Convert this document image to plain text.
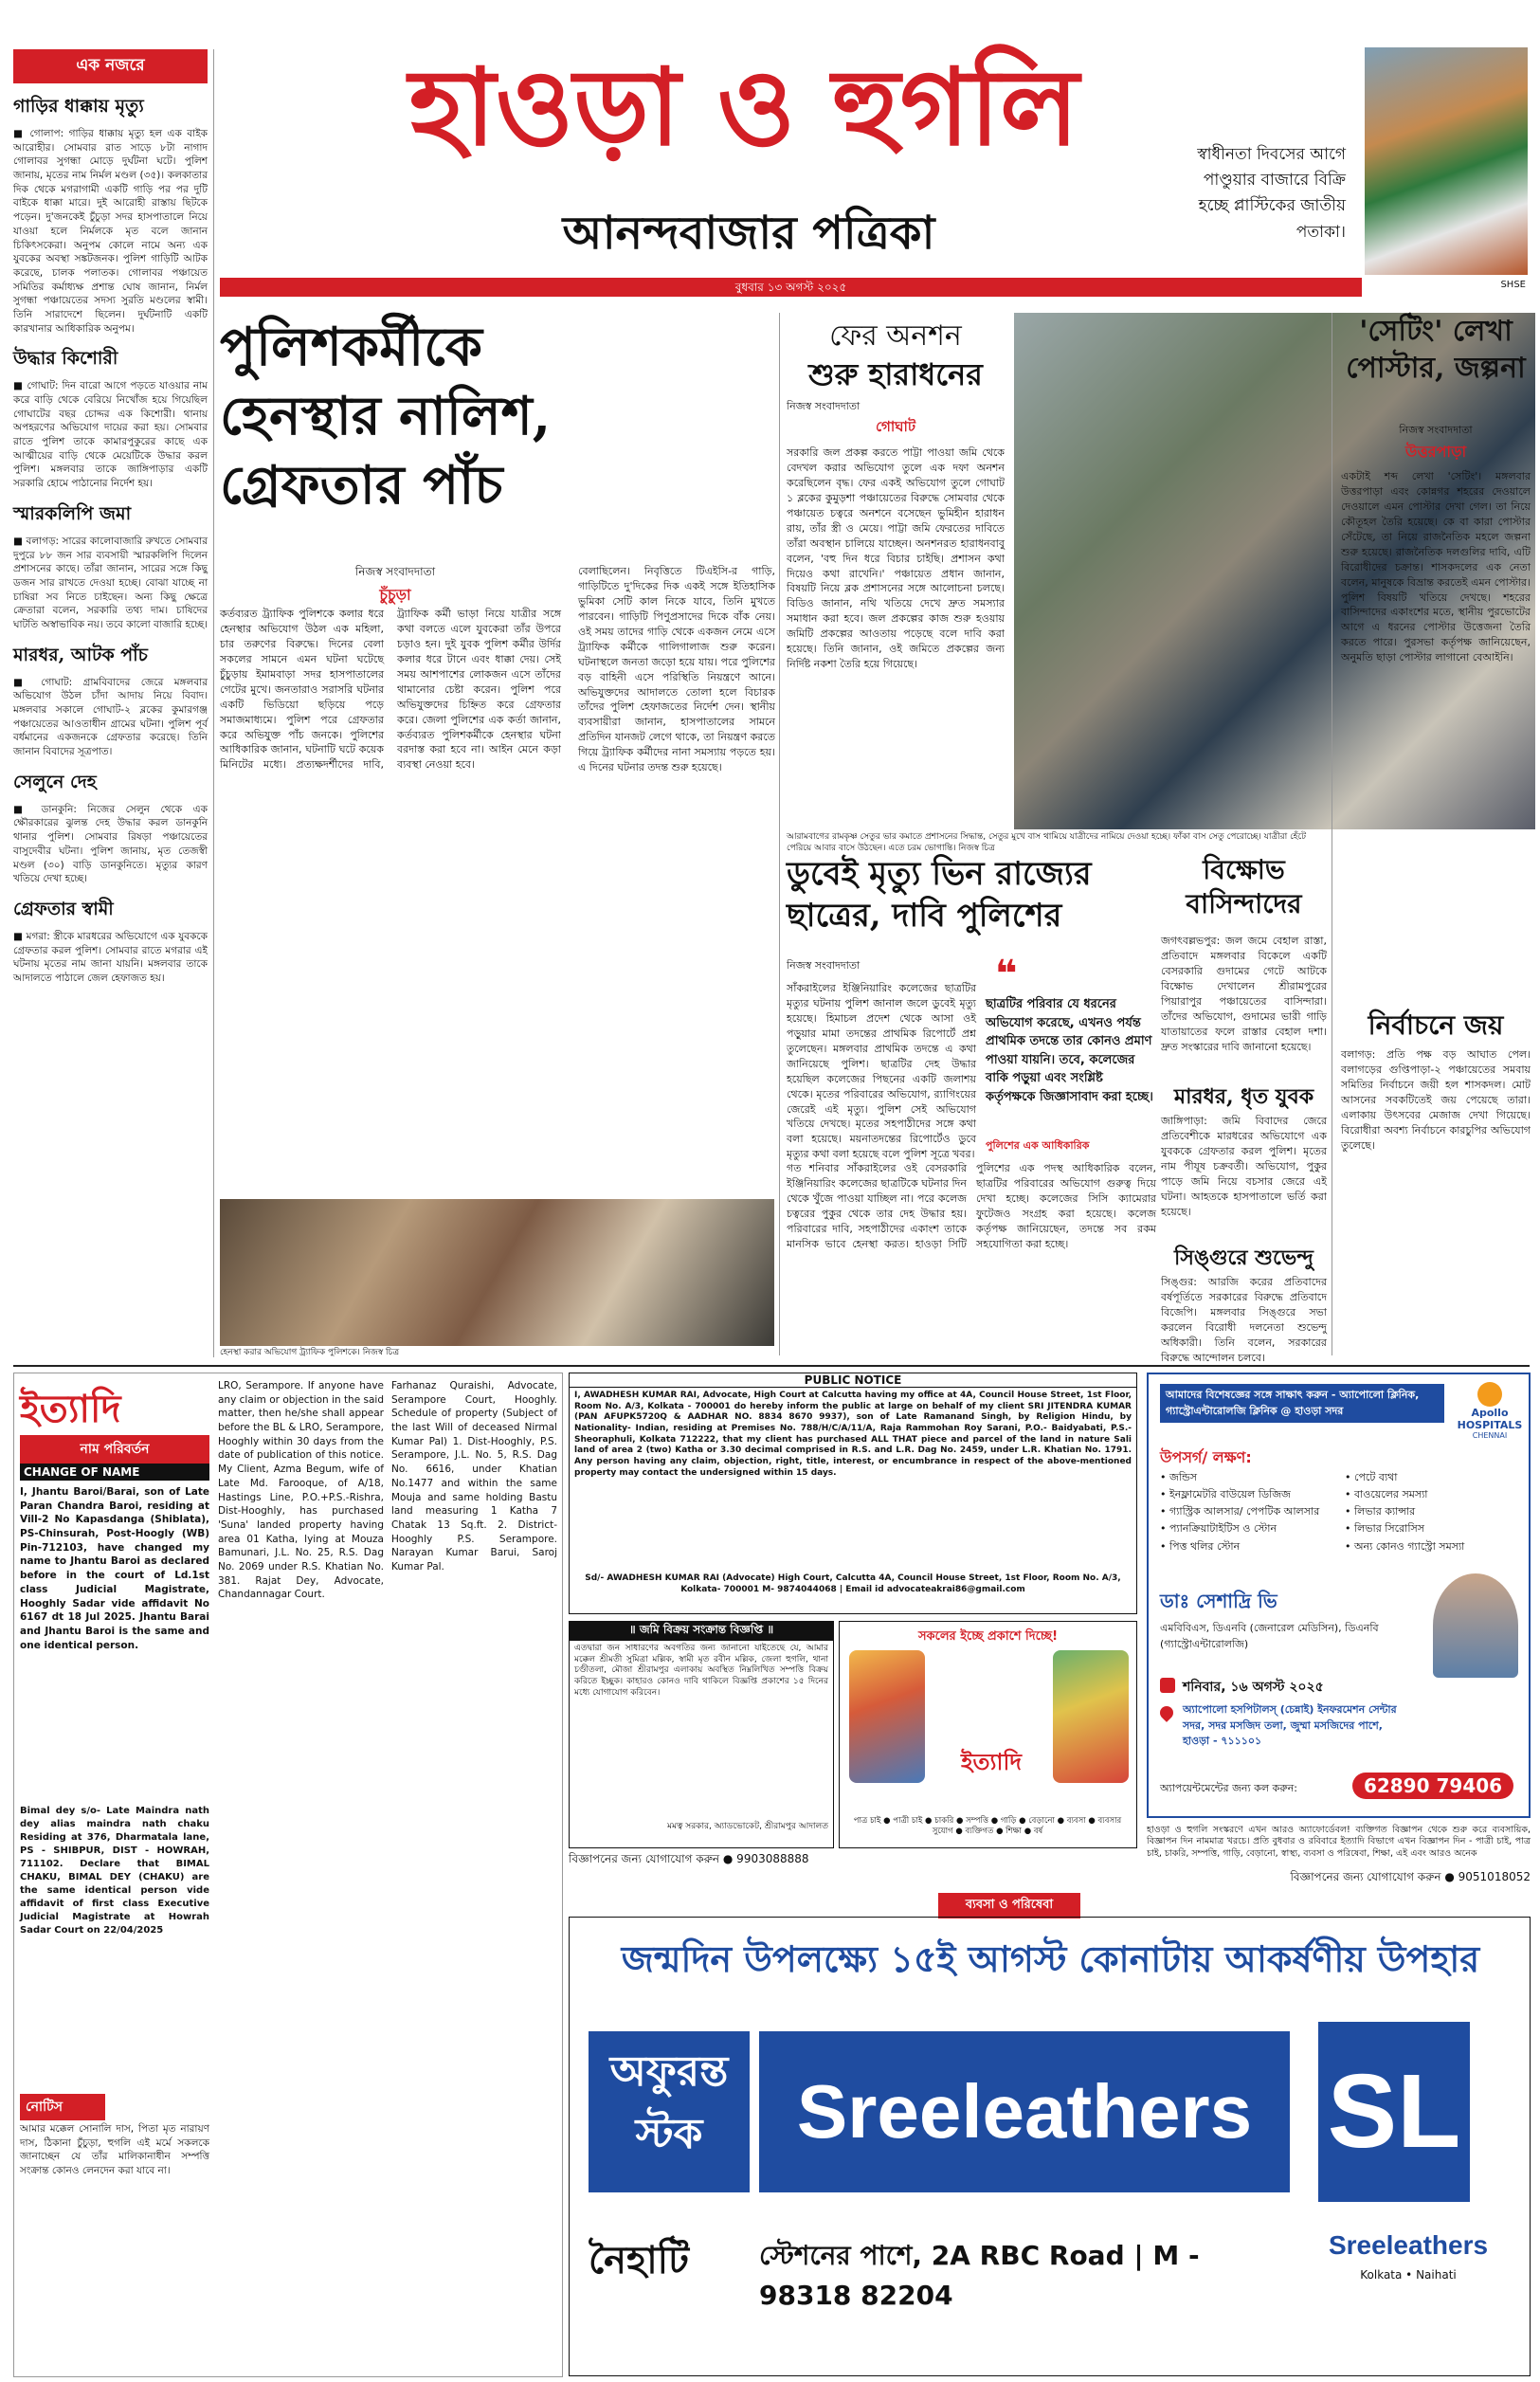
এক নজরে
গাড়ির ধাক্কায় মৃত্যু
■ গোলাপ: গাড়ির ধাক্কায় মৃত্যু হল এক বাইক আরোহীর। সোমবার রাত সাড়ে ৮টা নাগাদ গোলাবর সুগন্ধা মোড়ে দুর্ঘটনা ঘটে। পুলিশ জানায়, মৃতের নাম নির্মল মণ্ডল (৩৫)। কলকাতার দিক থেকে মগরাগামী একটি গাড়ি পর পর দুটি বাইকে ধাক্কা মারে। দুই আরোহী রাস্তায় ছিটকে পড়েন। দু'জনকেই চুঁচুড়া সদর হাসপাতালে নিয়ে যাওয়া হলে নির্মলকে মৃত বলে জানান চিকিৎসকেরা। অনুপম কোলে নামে অন্য এক যুবকের অবস্থা সঙ্কটজনক। পুলিশ গাড়িটি আটক করেছে, চালক পলাতক। গোলাবর পঞ্চায়েত সমিতির কর্মাধ্যক্ষ প্রশান্ত ঘোষ জানান, নির্মল সুগন্ধা পঞ্চায়েতের সদস্য সুরতি মণ্ডলের স্বামী। তিনি সারাদেশে ছিলেন। দুর্ঘটনাটি একটি কারখানার আধিকারিক অনুপম।
উদ্ধার কিশোরী
■ গোঘাট: দিন বারো আগে পড়তে যাওয়ার নাম করে বাড়ি থেকে বেরিয়ে নিখোঁজ হয়ে গিয়েছিল গোঘাটের বছর চোদ্দর এক কিশোরী। থানায় অপহরণের অভিযোগ দায়ের করা হয়। সোমবার রাতে পুলিশ তাকে কামারপুকুরের কাছে এক আত্মীয়ের বাড়ি থেকে মেয়েটিকে উদ্ধার করল পুলিশ। মঙ্গলবার তাকে জাঙ্গিপাড়ার একটি সরকারি হোমে পাঠানোর নির্দেশ হয়।
স্মারকলিপি জমা
■ বলাগড়: সারের কালোবাজারি রুখতে সোমবার দুপুরে ৮৮ জন সার ব্যবসায়ী স্মারকলিপি দিলেন প্রশাসনের কাছে। তাঁরা জানান, সারের সঙ্গে কিছু ডজন সার রাখতে দেওয়া হচ্ছে। বোঝা যাচ্ছে না চাষিরা সব নিতে চাইছেন। অন্য কিছু ক্ষেত্রে ক্রেতারা বলেন, সরকারি তথ্য দাম। চাষিদের ঘাটতি অস্বাভাবিক নয়। তবে কালো বাজারি হচ্ছে।
মারধর, আটক পাঁচ
■ গোঘাট: গ্রামবিবাদের জেরে মঙ্গলবার অভিযোগ উঠল চাঁদা আদায় নিয়ে বিবাদ। মঙ্গলবার সকালে গোঘাট-২ ব্লকের কুমারগঞ্জ পঞ্চায়েতের আওতাধীন গ্রামের ঘটনা। পুলিশ পূর্ব বর্ধমানের একজনকে গ্রেফতার করেছে। তিনি জানান বিবাদের সূত্রপাত।
সেলুনে দেহ
■ ডানকুনি: নিজের সেলুন থেকে এক ক্ষৌরকারের ঝুলন্ত দেহ উদ্ধার করল ডানকুনি থানার পুলিশ। সোমবার রিষড়া পঞ্চায়েতের বাসুদেবীর ঘটনা। পুলিশ জানায়, মৃত তেজস্বী মণ্ডল (৩০) বাড়ি ডানকুনিতে। মৃত্যুর কারণ খতিয়ে দেখা হচ্ছে।
গ্রেফতার স্বামী
■ মগরা: স্ত্রীকে মারধরের অভিযোগে এক যুবককে গ্রেফতার করল পুলিশ। সোমবার রাতে মগরার এই ঘটনায় মৃতের নাম জানা যায়নি। মঙ্গলবার তাকে আদালতে পাঠালে জেল হেফাজত হয়।
হাওড়া ও হুগলি
আনন্দবাজার পত্রিকা
স্বাধীনতা দিবসের আগে পাণ্ডুয়ার বাজারে বিক্রি হচ্ছে প্লাস্টিকের জাতীয় পতাকা।
বুধবার ১৩ অগস্ট ২০২৫	SHSE
পুলিশকর্মীকে হেনস্থার নালিশ, গ্রেফতার পাঁচ
নিজস্ব সংবাদদাতা
চুঁচুড়া
কর্তব্যরত ট্র্যাফিক পুলিশকে কলার ধরে হেনস্থার অভিযোগ উঠল এক মহিলা, চার তরুণের বিরুদ্ধে। দিনের বেলা সকলের সামনে এমন ঘটনা ঘটেছে চুঁচুড়ায় ইমামবাড়া সদর হাসপাতালের গেটের মুখে। জনতারাও সরাসরি ঘটনার একটি ভিডিয়ো ছড়িয়ে পড়ে সমাজমাধ্যমে। পুলিশ পরে গ্রেফতার করে অভিযুক্ত পাঁচ জনকে। পুলিশের আধিকারিক জানান, ঘটনাটি ঘটে কয়েক মিনিটের মধ্যে। প্রত্যক্ষদর্শীদের দাবি, ট্র্যাফিক কর্মী ভাড়া নিয়ে যাত্রীর সঙ্গে কথা বলতে এলে যুবকেরা তাঁর উপরে চড়াও হন। দুই যুবক পুলিশ কর্মীর উর্দির কলার ধরে টানে এবং ধাক্কা দেয়। সেই সময় আশপাশের লোকজন এসে তাঁদের থামানোর চেষ্টা করেন। পুলিশ পরে অভিযুক্তদের চিহ্নিত করে গ্রেফতার করে। জেলা পুলিশের এক কর্তা জানান, কর্তব্যরত পুলিশকর্মীকে হেনস্থার ঘটনা বরদাস্ত করা হবে না। আইন মেনে কড়া ব্যবস্থা নেওয়া হবে।
বেলাছিলেন। নিবৃত্তিতে টিএইসি-র গাড়ি, গাড়িটিতে দু'দিকের দিক একই সঙ্গে ইতিহাসিক ভুমিকা সেটি কাল নিকে যাবে, তিনি মুখতে পারবেন। গাড়িটি পিণুপ্রসাদের দিকে বাঁক নেয়। ওই সময় তাদের গাড়ি থেকে একজন নেমে এসে ট্র্যাফিক কর্মীকে গালিগালাজ শুরু করেন। ঘটনাস্থলে জনতা জড়ো হয়ে যায়। পরে পুলিশের বড় বাহিনী এসে পরিস্থিতি নিয়ন্ত্রণে আনে। অভিযুক্তদের আদালতে তোলা হলে বিচারক তাঁদের পুলিশ হেফাজতের নির্দেশ দেন। স্থানীয় ব্যবসায়ীরা জানান, হাসপাতালের সামনে প্রতিদিন যানজট লেগে থাকে, তা নিয়ন্ত্রণ করতে গিয়ে ট্র্যাফিক কর্মীদের নানা সমস্যায় পড়তে হয়। এ দিনের ঘটনার তদন্ত শুরু হয়েছে।
হেনস্থা করার অভিযোগ ট্র্যাফিক পুলিশকে। নিজস্ব চিত্র
ফের অনশন
শুরু হারাধনের
নিজস্ব সংবাদদাতা
গোঘাট
সরকারি জল প্রকল্প করতে পাট্টা পাওয়া জমি থেকে বেদখল করার অভিযোগ তুলে এক দফা অনশন করেছিলেন বৃদ্ধ। ফের একই অভিযোগ তুলে গোঘাট ১ ব্লকের কুমুড়শা পঞ্চায়েতের বিরুদ্ধে সোমবার থেকে পঞ্চায়েত চত্বরে অনশনে বসেছেন ভুমিহীন হারাধন রায়, তাঁর স্ত্রী ও মেয়ে। পাট্টা জমি ফেরতের দাবিতে তাঁরা অবস্থান চালিয়ে যাচ্ছেন। অনশনরত হারাধনবাবু বলেন, 'বহু দিন ধরে বিচার চাইছি। প্রশাসন কথা দিয়েও কথা রাখেনি।' পঞ্চায়েত প্রধান জানান, বিষয়টি নিয়ে ব্লক প্রশাসনের সঙ্গে আলোচনা চলছে। বিডিও জানান, নথি খতিয়ে দেখে দ্রুত সমস্যার সমাধান করা হবে। জল প্রকল্পের কাজ শুরু হওয়ায় জমিটি প্রকল্পের আওতায় পড়েছে বলে দাবি করা হয়েছে। তিনি জানান, ওই জমিতে প্রকল্পের জন্য নির্দিষ্ট নকশা তৈরি হয়ে গিয়েছে।
আরামবাগের রামকৃষ্ণ সেতুর ভার কমাতে প্রশাসনের সিদ্ধান্ত, সেতুর মুখে বাস থামিয়ে যাত্রীদের নামিয়ে দেওয়া হচ্ছে। ফাঁকা বাস সেতু পেরোচ্ছে। যাত্রীরা হেঁটে পেরিয়ে আবার বাসে উঠছেন। এতে চরম ভোগান্তি। নিজস্ব চিত্র
'সেটিং' লেখা পোস্টার, জল্পনা
নিজস্ব সংবাদদাতা
উত্তরপাড়া
একটাই শব্দ লেখা 'সেটিং'। মঙ্গলবার উত্তরপাড়া এবং কোন্নগর শহরের দেওয়ালে দেওয়ালে এমন পোস্টার দেখা গেল। তা নিয়ে কৌতূহল তৈরি হয়েছে। কে বা কারা পোস্টার সেঁটেছে, তা নিয়ে রাজনৈতিক মহলে জল্পনা শুরু হয়েছে। রাজনৈতিক দলগুলির দাবি, এটি বিরোধীদের চক্রান্ত। শাসকদলের এক নেতা বলেন, মানুষকে বিভ্রান্ত করতেই এমন পোস্টার। পুলিশ বিষয়টি খতিয়ে দেখছে। শহরের বাসিন্দাদের একাংশের মতে, স্থানীয় পুরভোটের আগে এ ধরনের পোস্টার উত্তেজনা তৈরি করতে পারে। পুরসভা কর্তৃপক্ষ জানিয়েছেন, অনুমতি ছাড়া পোস্টার লাগানো বেআইনি।
নির্বাচনে জয়
বলাগড়: প্রতি পক্ষ বড় আঘাত পেল। বলাগড়ের গুপ্তিপাড়া-২ পঞ্চায়েতের সমবায় সমিতির নির্বাচনে জয়ী হল শাসকদল। মোট আসনের সবকটিতেই জয় পেয়েছে তারা। এলাকায় উৎসবের মেজাজ দেখা গিয়েছে। বিরোধীরা অবশ্য নির্বাচনে কারচুপির অভিযোগ তুলেছে।
ডুবেই মৃত্যু ভিন রাজ্যের ছাত্রের, দাবি পুলিশের
নিজস্ব সংবাদদাতা	❝
ছাত্রটির পরিবার যে ধরনের অভিযোগ করেছে, এখনও পর্যন্ত প্রাথমিক তদন্তে তার কোনও প্রমাণ পাওয়া যায়নি। তবে, কলেজের বাকি পড়ুয়া এবং সংশ্লিষ্ট কর্তৃপক্ষকে জিজ্ঞাসাবাদ করা হচ্ছে।
পুলিশের এক আধিকারিক
সাঁকরাইলের ইঞ্জিনিয়ারিং কলেজের ছাত্রটির মৃত্যুর ঘটনায় পুলিশ জানাল জলে ডুবেই মৃত্যু হয়েছে। হিমাচল প্রদেশ থেকে আসা ওই পড়ুয়ার মামা তদন্তের প্রাথমিক রিপোর্টে প্রশ্ন তুলেছেন। মঙ্গলবার প্রাথমিক তদন্তে এ কথা জানিয়েছে পুলিশ। ছাত্রটির দেহ উদ্ধার হয়েছিল কলেজের পিছনের একটি জলাশয় থেকে। মৃতের পরিবারের অভিযোগ, র‍্যাগিংয়ের জেরেই এই মৃত্যু। পুলিশ সেই অভিযোগ খতিয়ে দেখছে। মৃতের সহপাঠীদের সঙ্গে কথা বলা হয়েছে। ময়নাতদন্তের রিপোর্টেও ডুবে মৃত্যুর কথা বলা হয়েছে বলে পুলিশ সূত্রে খবর।
গত শনিবার সাঁকরাইলের ওই বেসরকারি ইঞ্জিনিয়ারিং কলেজের ছাত্রটিকে ঘটনার দিন থেকে খুঁজে পাওয়া যাচ্ছিল না। পরে কলেজ চত্বরের পুকুর থেকে তার দেহ উদ্ধার হয়। পরিবারের দাবি, সহপাঠীদের একাংশ তাকে মানসিক ভাবে হেনস্থা করত। হাওড়া সিটি পুলিশের এক পদস্থ আধিকারিক বলেন, ছাত্রটির পরিবারের অভিযোগ গুরুত্ব দিয়ে দেখা হচ্ছে। কলেজের সিসি ক্যামেরার ফুটেজও সংগ্রহ করা হয়েছে। কলেজ কর্তৃপক্ষ জানিয়েছেন, তদন্তে সব রকম সহযোগিতা করা হচ্ছে।
বিক্ষোভ বাসিন্দাদের
জগৎবল্লভপুর: জল জমে বেহাল রাস্তা, প্রতিবাদে মঙ্গলবার বিকেলে একটি বেসরকারি গুদামের গেটে আটকে বিক্ষোভ দেখালেন শ্রীরামপুরের পিয়ারাপুর পঞ্চায়েতের বাসিন্দারা। তাঁদের অভিযোগ, গুদামের ভারী গাড়ি যাতায়াতের ফলে রাস্তার বেহাল দশা। দ্রুত সংস্কারের দাবি জানানো হয়েছে।
মারধর, ধৃত যুবক
জাঙ্গিপাড়া: জমি বিবাদের জেরে প্রতিবেশীকে মারধরের অভিযোগে এক যুবককে গ্রেফতার করল পুলিশ। মৃতের নাম পীযূষ চক্রবর্তী। অভিযোগ, পুকুর পাড়ে জমি নিয়ে বচসার জেরে এই ঘটনা। আহতকে হাসপাতালে ভর্তি করা হয়েছে।
সিঙ্গুরে শুভেন্দু
সিঙ্গুর: আরজি করের প্রতিবাদের বর্ষপূর্তিতে সরকারের বিরুদ্ধে প্রতিবাদে বিজেপি। মঙ্গলবার সিঙ্গুরে সভা করলেন বিরোধী দলনেতা শুভেন্দু অধিকারী। তিনি বলেন, সরকারের বিরুদ্ধে আন্দোলন চলবে।
ইত্যাদি
নাম পরিবর্তন
CHANGE OF NAME
I, Jhantu Baroi/Barai, son of Late Paran Chandra Baroi, residing at Vill-2 No Kapasdanga (Shiblata), PS-Chinsurah, Post-Hoogly (WB) Pin-712103, have changed my name to Jhantu Baroi as declared before in the court of Ld.1st class Judicial Magistrate, Hooghly Sadar vide affidavit No 6167 dt 18 Jul 2025. Jhantu Barai and Jhantu Baroi is the same and one identical person.
Bimal dey s/o- Late Maindra nath dey alias maindra nath chaku Residing at 376, Dharmatala lane, PS - SHIBPUR, DIST - HOWRAH, 711102. Declare that BIMAL CHAKU, BIMAL DEY (CHAKU) are the same identical person vide affidavit of first class Executive Judicial Magistrate at Howrah Sadar Court on 22/04/2025
নোটিস
আমার মক্কেল সোনালি দাস, পিতা মৃত নারায়ণ দাস, ঠিকানা চুঁচুড়া, হুগলি এই মর্মে সকলকে জানাচ্ছেন যে তাঁর মালিকানাধীন সম্পত্তি সংক্রান্ত কোনও লেনদেন করা যাবে না।
LRO, Serampore. If anyone have any claim or objection in the said matter, then he/she shall appear before the BL & LRO, Serampore, Hooghly within 30 days from the date of publication of this notice. My Client, Azma Begum, wife of Late Md. Farooque, of A/18, Hastings Line, P.O.+P.S.-Rishra, Dist-Hooghly, has purchased 'Suna' landed property having area 01 Katha, lying at Mouza Bamunari, J.L. No. 25, R.S. Dag No. 2069 under R.S. Khatian No. 381. Rajat Dey, Advocate, Chandannagar Court.
Farhanaz Quraishi, Advocate, Serampore Court, Hooghly. Schedule of property (Subject of the last Will of deceased Nirmal Kumar Pal) 1. Dist-Hooghly, P.S. Serampore, J.L. No. 5, R.S. Dag No. 6616, under Khatian No.1477 and within the same Mouja and same holding Bastu land measuring 1 Katha 7 Chatak 13 Sq.ft. 2. District-Hooghly P.S. Serampore. Narayan Kumar Barui, Saroj Kumar Pal.
PUBLIC NOTICE
I, AWADHESH KUMAR RAI, Advocate, High Court at Calcutta having my office at 4A, Council House Street, 1st Floor, Room No. A/3, Kolkata - 700001 do hereby inform the public at large on behalf of my client SRI JITENDRA KUMAR (PAN AFUPK5720Q & AADHAR NO. 8834 8670 9937), son of Late Ramanand Singh, by Religion Hindu, by Nationality- Indian, residing at Premises No. 788/H/C/A/11/A, Raja Rammohan Roy Sarani, P.O.- Baidyabati, P.S.- Sheoraphuli, Kolkata 712222, that my client has purchased ALL THAT piece and parcel of the land in nature Sali land of area 2 (two) Katha or 3.30 decimal comprised in R.S. and L.R. Dag No. 2459, under L.R. Khatian No. 1791. Any person having any claim, objection, right, title, interest, or encumbrance in respect of the above-mentioned property may contact the undersigned within 15 days.
Sd/- AWADHESH KUMAR RAI (Advocate) High Court, Calcutta 4A, Council House Street, 1st Floor, Room No. A/3, Kolkata- 700001 M- 9874044068 | Email id advocateakrai86@gmail.com
॥ জমি বিক্রয় সংক্রান্ত বিজ্ঞপ্তি ॥
এতদ্বারা জন সাধারণের অবগতির জন্য জানানো যাইতেছে যে, আমার মক্কেল শ্রীমতী সুমিত্রা মল্লিক, স্বামী মৃত রবীন মল্লিক, জেলা হুগলি, থানা চণ্ডীতলা, মৌজা শ্রীরামপুর এলাকায় অবস্থিত নিম্নলিখিত সম্পত্তি বিক্রয় করিতে ইচ্ছুক। কাহারও কোনও দাবি থাকিলে বিজ্ঞপ্তি প্রকাশের ১৫ দিনের মধ্যে যোগাযোগ করিবেন।
মমত্ব সরকার, অ্যাডভোকেট, শ্রীরামপুর আদালত
সকলের ইচ্ছে প্রকাশে দিচ্ছে!
ইত্যাদি
পাত্র চাই ● পাত্রী চাই ● চাকরি ● সম্পত্তি ● গাড়ি ● বেড়ানো ● ব্যবসা ● ব্যবসার সুযোগ ● ব্যক্তিগত ● শিক্ষা ● বর্ষ
বিজ্ঞাপনের জন্য যোগাযোগ করুন ● 9903088888
আমাদের বিশেষজ্ঞের সঙ্গে সাক্ষাৎ করুন - অ্যাপোলো ক্লিনিক, গ্যাস্ট্রোএন্টারোলজি ক্লিনিক @ হাওড়া সদর	Apollo HOSPITALS
CHENNAI
উপসর্গ/ লক্ষণ:
• জন্ডিস
• ইনফ্লামেটরি বাউয়েল ডিজিজ
• গ্যাস্ট্রিক আলসার/ পেপটিক আলসার
• প্যানক্রিয়াটাইটিস ও স্টোন
• পিত্ত থলির স্টোন
• পেটে ব্যথা
• বাওয়েলের সমস্যা
• লিভার ক্যান্সার
• লিভার সিরোসিস
• অন্য কোনও গ্যাস্ট্রো সমস্যা
ডাঃ সেশাদ্রি ভি
এমবিবিএস, ডিএনবি (জেনারেল মেডিসিন), ডিএনবি (গ্যাস্ট্রোএন্টারোলজি)
শনিবার, ১৬ অগস্ট ২০২৫
অ্যাপোলো হসপিটালস্ (চেন্নাই) ইনফরমেশন সেন্টার সদর, সদর মসজিদ তলা, জুম্মা মসজিদের পাশে, হাওড়া - ৭১১১০১
অ্যাপয়েন্টমেন্টের জন্য কল করুন:	62890 79406
হাওড়া ও হুগলি সংস্করণে এখন আরও অ্যাফোর্ডেবল! ব্যক্তিগত বিজ্ঞাপন থেকে শুরু করে ব্যবসায়িক, বিজ্ঞাপন দিন নামমাত্র খরচে। প্রতি বুধবার ও রবিবারে ইত্যাদি বিভাগে এখন বিজ্ঞাপন দিন - পাত্রী চাই, পাত্র চাই, চাকরি, সম্পত্তি, গাড়ি, বেড়ানো, স্বাস্থ্য, ব্যবসা ও পরিষেবা, শিক্ষা, এই এবং আরও অনেক
বিজ্ঞাপনের জন্য যোগাযোগ করুন ● 9051018052
ব্যবসা ও পরিষেবা
জন্মদিন উপলক্ষ্যে ১৫ই আগস্ট কোনাটায় আকর্ষণীয় উপহার
অফুরন্ত স্টক	Sreeleathers
নৈহাটি	স্টেশনের পাশে, 2A RBC Road | M - 98318 82204
SL
Sreeleathers
Kolkata • Naihati
